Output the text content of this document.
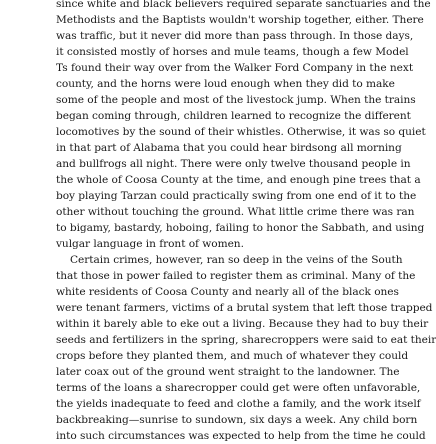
since white and black believers required separate sanctuaries and the
Methodists and the Baptists wouldn't worship together, either. There
was traffic, but it never did more than pass through. In those days,
it consisted mostly of horses and mule teams, though a few Model
Ts found their way over from the Walker Ford Company in the next
county, and the horns were loud enough when they did to make
some of the people and most of the livestock jump. When the trains
began coming through, children learned to recognize the different
locomotives by the sound of their whistles. Otherwise, it was so quiet
in that part of Alabama that you could hear birdsong all morning
and bullfrogs all night. There were only twelve thousand people in
the whole of Coosa County at the time, and enough pine trees that a
boy playing Tarzan could practically swing from one end of it to the
other without touching the ground. What little crime there was ran
to bigamy, bastardy, hoboing, failing to honor the Sabbath, and using
vulgar language in front of women.
Certain crimes, however, ran so deep in the veins of the South
that those in power failed to register them as criminal. Many of the
white residents of Coosa County and nearly all of the black ones
were tenant farmers, victims of a brutal system that left those trapped
within it barely able to eke out a living. Because they had to buy their
seeds and fertilizers in the spring, sharecroppers were said to eat their
crops before they planted them, and much of whatever they could
later coax out of the ground went straight to the landowner. The
terms of the loans a sharecropper could get were often unfavorable,
the yields inadequate to feed and clothe a family, and the work itself
backbreaking—sunrise to sundown, six days a week. Any child born
into such circumstances was expected to help from the time he could
